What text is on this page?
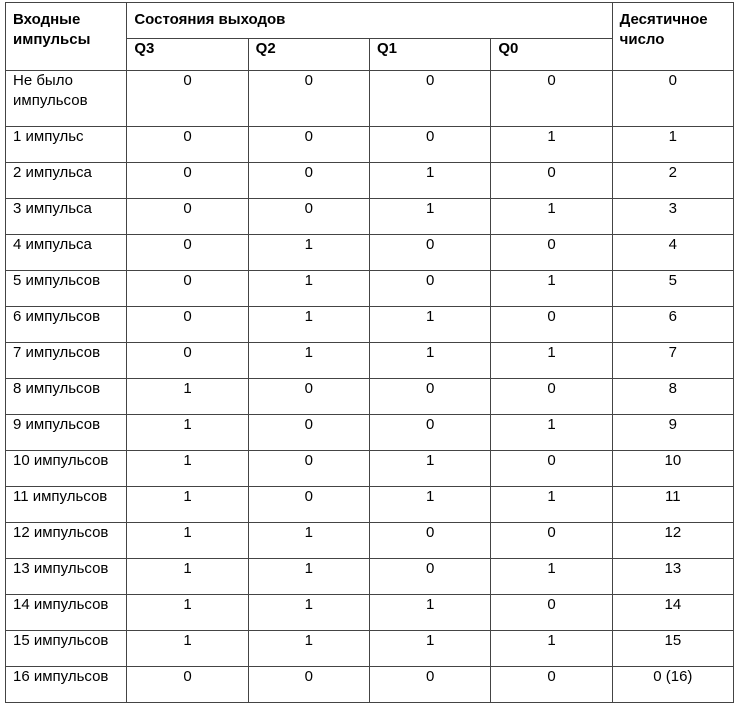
Входные импульсы	Состояния выходов				Десятичное число
	Q3	Q2	Q1	Q0	
Не было импульсов	0	0	0	0	0
1 импульс	0	0	0	1	1
2 импульса	0	0	1	0	2
3 импульса	0	0	1	1	3
4 импульса	0	1	0	0	4
5 импульсов	0	1	0	1	5
6 импульсов	0	1	1	0	6
7 импульсов	0	1	1	1	7
8 импульсов	1	0	0	0	8
9 импульсов	1	0	0	1	9
10 импульсов	1	0	1	0	10
11 импульсов	1	0	1	1	11
12 импульсов	1	1	0	0	12
13 импульсов	1	1	0	1	13
14 импульсов	1	1	1	0	14
15 импульсов	1	1	1	1	15
16 импульсов	0	0	0	0	0 (16)
